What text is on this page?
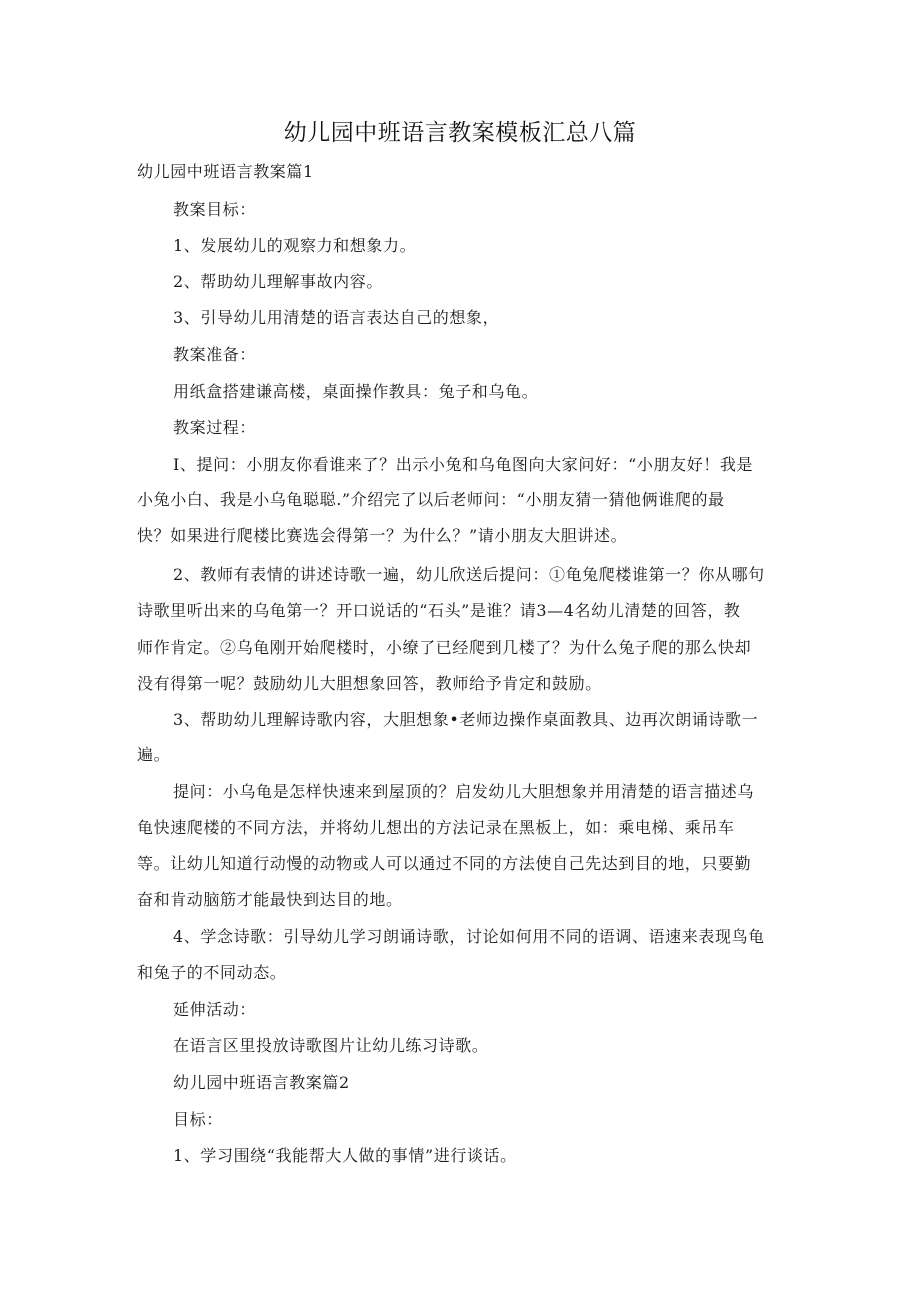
幼儿园中班语言教案模板汇总八篇
幼儿园中班语言教案篇1
教案目标：
1、发展幼儿的观察力和想象力。
2、帮助幼儿理解事故内容。
3、引导幼儿用清楚的语言表达自己的想象，
教案准备：
用纸盒搭建谦高楼，桌面操作教具：兔子和乌龟。
教案过程：
I、提问：小朋友你看谁来了？出示小兔和乌龟图向大家问好：“小朋友好！我是
小兔小白、我是小乌龟聪聪.”介绍完了以后老师问：“小朋友猜一猜他俩谁爬的最
快？如果进行爬楼比赛选会得第一？为什么？”请小朋友大胆讲述。
2、教师有表情的讲述诗歌一遍，幼儿欣送后提问：①龟兔爬楼谁第一？你从哪句
诗歌里听出来的乌龟第一？开口说话的“石头”是谁？请3—4名幼儿清楚的回答，教
师作肯定。②乌龟刚开始爬楼时，小缭了已经爬到几楼了？为什么兔子爬的那么快却
没有得第一呢？鼓励幼儿大胆想象回答，教师给予肯定和鼓励。
3、帮助幼儿理解诗歌内容，大胆想象•老师边操作桌面教具、边再次朗诵诗歌一
遍。
提问：小乌龟是怎样快速来到屋顶的？启发幼儿大胆想象并用清楚的语言描述乌
龟快速爬楼的不同方法，并将幼儿想出的方法记录在黑板上，如：乘电梯、乘吊车
等。让幼儿知道行动慢的动物或人可以通过不同的方法使自己先达到目的地，只要勤
奋和肯动脑筋才能最快到达目的地。
4、学念诗歌：引导幼儿学习朗诵诗歌，讨论如何用不同的语调、语速来表现鸟龟
和兔子的不同动态。
延伸活动：
在语言区里投放诗歌图片让幼儿练习诗歌。
幼儿园中班语言教案篇2
目标：
1、学习围绕“我能帮大人做的事情”进行谈话。
